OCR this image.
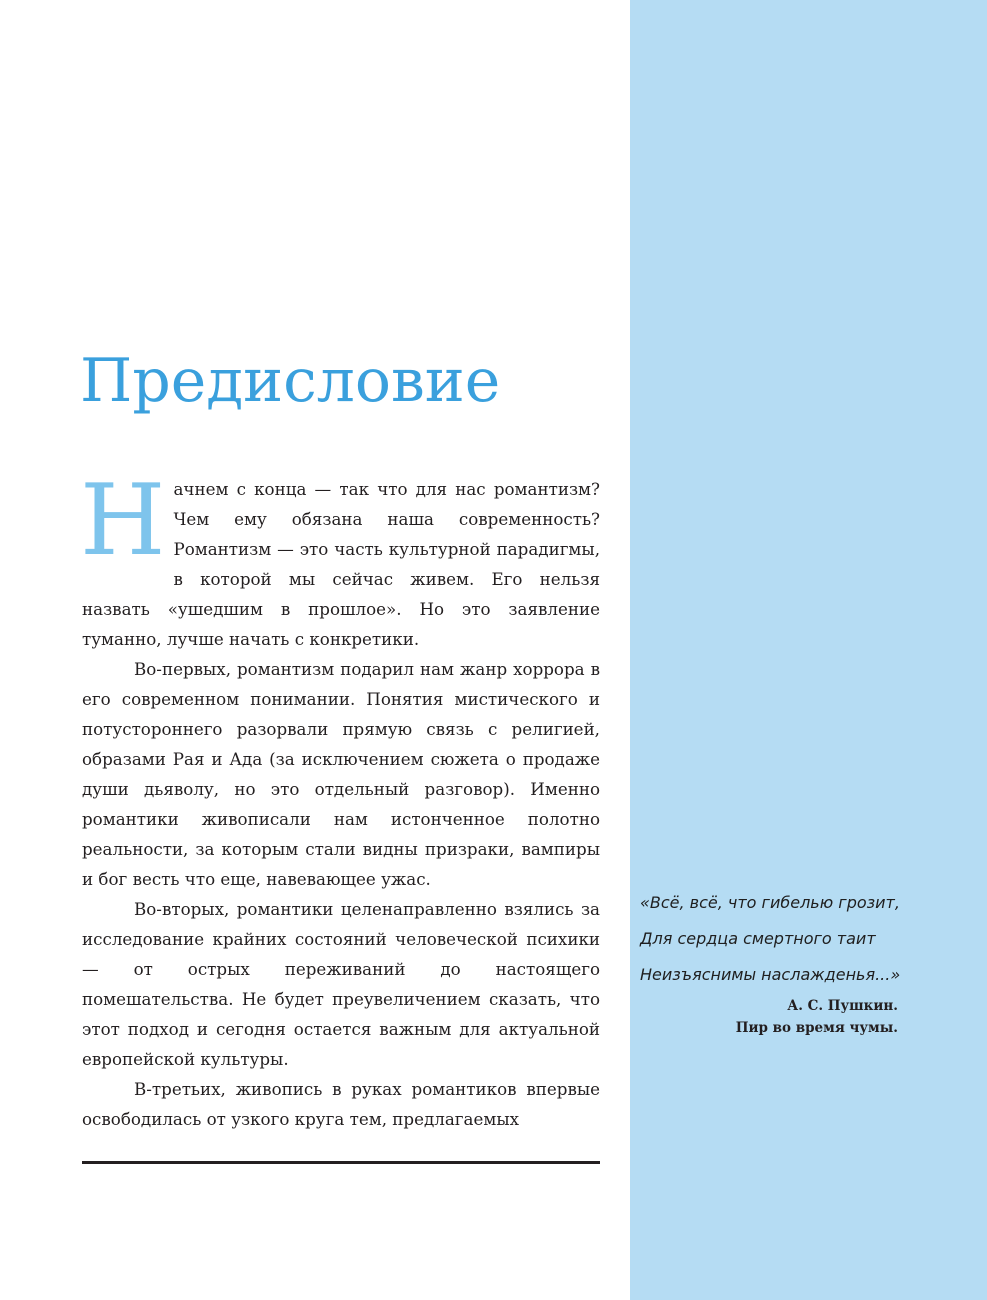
Предисловие

Начнем с конца — так что для нас романтизм? Чем ему обязана наша современность? Романтизм — это часть культурной парадигмы, в которой мы сейчас живем. Его нельзя назвать «ушедшим в прошлое». Но это заявление туманно, лучше начать с конкретики.

Во-первых, романтизм подарил нам жанр хоррора в его современном понимании. Понятия мистического и потустороннего разорвали прямую связь с религией, образами Рая и Ада (за исключением сюжета о продаже души дьяволу, но это отдельный разговор). Именно романтики живописали нам истонченное полотно реальности, за которым стали видны призраки, вампиры и бог весть что еще, навевающее ужас.

Во-вторых, романтики целенаправленно взялись за исследование крайних состояний человеческой психики — от острых переживаний до настоящего помешательства. Не будет преувеличением сказать, что этот подход и сегодня остается важным для актуальной европейской культуры.

В-третьих, живопись в руках романтиков впервые освободилась от узкого круга тем, предлагаемых

«Всё, всё, что гибелью грозит,
Для сердца смертного таит
Неизъяснимы наслажденья...»
А. С. Пушкин.
Пир во время чумы.
